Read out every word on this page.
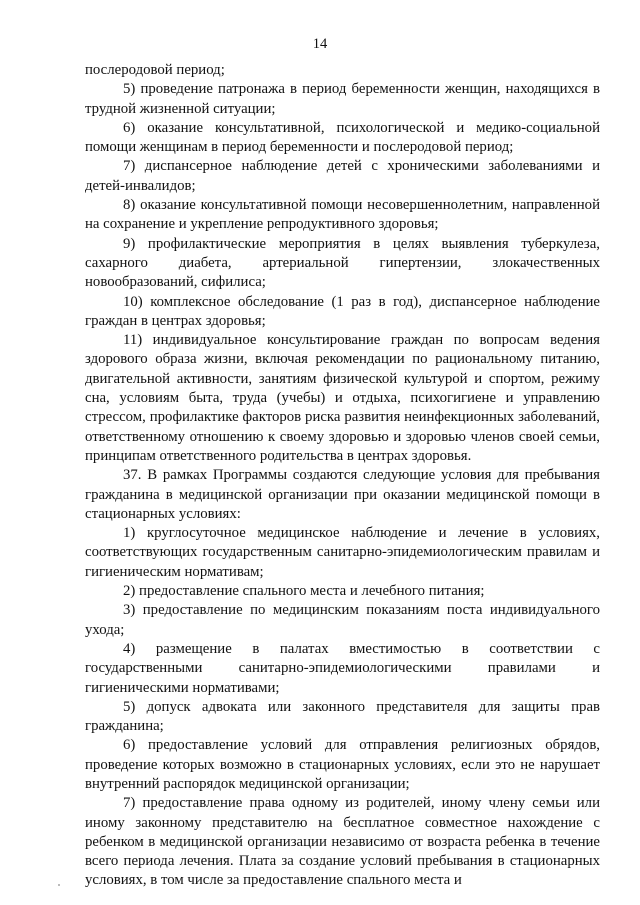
14

послеродовой период;

5) проведение патронажа в период беременности женщин, находящихся в трудной жизненной ситуации;

6) оказание консультативной, психологической и медико-социальной помощи женщинам в период беременности и послеродовой период;

7) диспансерное наблюдение детей с хроническими заболеваниями и детей-инвалидов;

8) оказание консультативной помощи несовершеннолетним, направленной на сохранение и укрепление репродуктивного здоровья;

9) профилактические мероприятия в целях выявления туберкулеза, сахарного диабета, артериальной гипертензии, злокачественных новообразований, сифилиса;

10) комплексное обследование (1 раз в год), диспансерное наблюдение граждан в центрах здоровья;

11) индивидуальное консультирование граждан по вопросам ведения здорового образа жизни, включая рекомендации по рациональному питанию, двигательной активности, занятиям физической культурой и спортом, режиму сна, условиям быта, труда (учебы) и отдыха, психогигиене и управлению стрессом, профилактике факторов риска развития неинфекционных заболеваний, ответственному отношению к своему здоровью и здоровью членов своей семьи, принципам ответственного родительства в центрах здоровья.

37. В рамках Программы создаются следующие условия для пребывания гражданина в медицинской организации при оказании медицинской помощи в стационарных условиях:

1) круглосуточное медицинское наблюдение и лечение в условиях, соответствующих государственным санитарно-эпидемиологическим правилам и гигиеническим нормативам;

2) предоставление спального места и лечебного питания;

3) предоставление по медицинским показаниям поста индивидуального ухода;

4) размещение в палатах вместимостью в соответствии с государственными санитарно-эпидемиологическими правилами и гигиеническими нормативами;

5) допуск адвоката или законного представителя для защиты прав гражданина;

6) предоставление условий для отправления религиозных обрядов, проведение которых возможно в стационарных условиях, если это не нарушает внутренний распорядок медицинской организации;

7) предоставление права одному из родителей, иному члену семьи или иному законному представителю на бесплатное совместное нахождение с ребенком в медицинской организации независимо от возраста ребенка в течение всего периода лечения. Плата за создание условий пребывания в стационарных условиях, в том числе за предоставление спального места и
